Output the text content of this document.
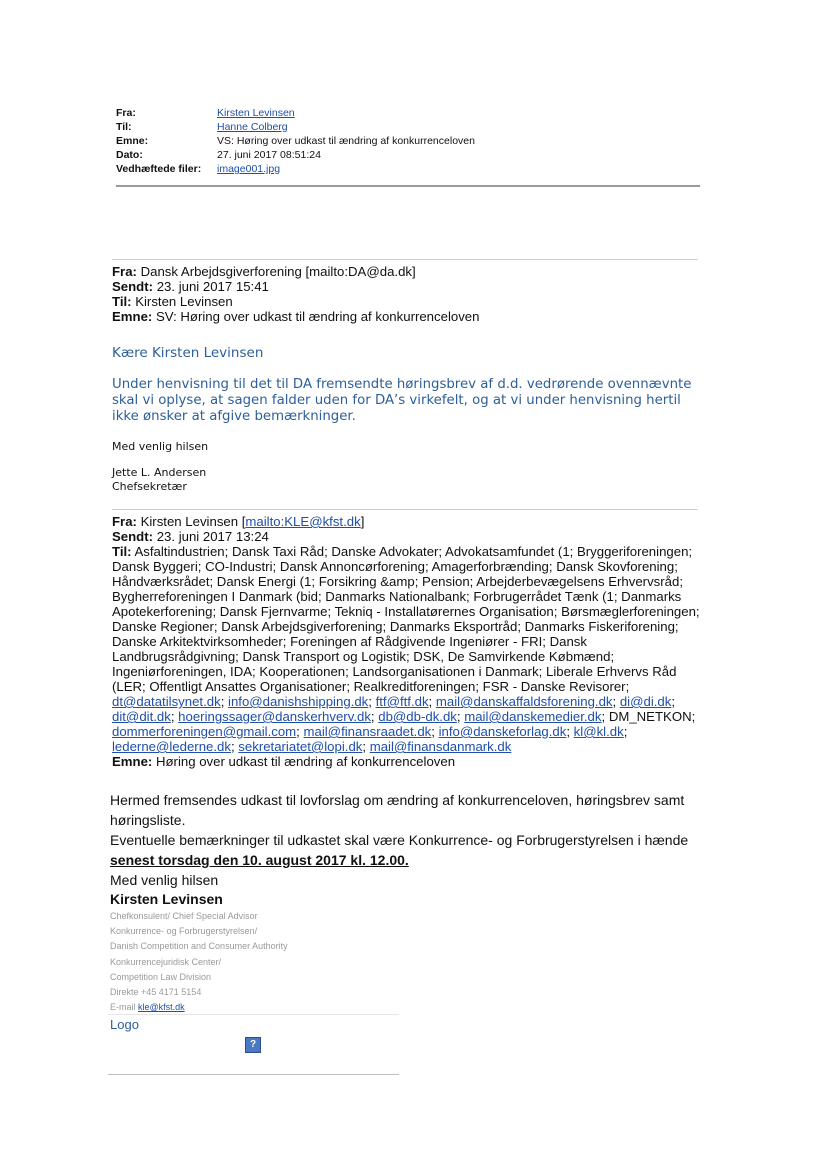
Fra:	Kirsten Levinsen
Til:	Hanne Colberg
Emne:	VS: Høring over udkast til ændring af konkurrenceloven
Dato:	27. juni 2017 08:51:24
Vedhæftede filer:	image001.jpg
Fra: Dansk Arbejdsgiverforening [mailto:DA@da.dk]
Sendt: 23. juni 2017 15:41
Til: Kirsten Levinsen
Emne: SV: Høring over udkast til ændring af konkurrenceloven
Kære Kirsten Levinsen
Under henvisning til det til DA fremsendte høringsbrev af d.d. vedrørende ovennævnte skal vi oplyse, at sagen falder uden for DA’s virkefelt, og at vi under henvisning hertil ikke ønsker at afgive bemærkninger.
Med venlig hilsen
Jette L. Andersen
Chefsekretær
Fra: Kirsten Levinsen [mailto:KLE@kfst.dk]
Sendt: 23. juni 2017 13:24
Til: Asfaltindustrien; Dansk Taxi Råd; Danske Advokater; Advokatsamfundet (1; Bryggeriforeningen; Dansk Byggeri; CO-Industri; Dansk Annoncørforening; Amagerforbrænding; Dansk Skovforening; Håndværksrådet; Dansk Energi (1; Forsikring &amp; Pension; Arbejderbevægelsens Erhvervsråd; Bygherreforeningen I Danmark (bid; Danmarks Nationalbank; Forbrugerrådet Tænk (1; Danmarks Apotekerforening; Dansk Fjernvarme; Tekniq - Installatørernes Organisation; Børsmæglerforeningen; Danske Regioner; Dansk Arbejdsgiverforening; Danmarks Eksportråd; Danmarks Fiskeriforening; Danske Arkitektvirksomheder; Foreningen af Rådgivende Ingeniører - FRI; Dansk Landbrugsrådgivning; Dansk Transport og Logistik; DSK, De Samvirkende Købmænd; Ingeniørforeningen, IDA; Kooperationen; Landsorganisationen i Danmark; Liberale Erhvervs Råd (LER; Offentligt Ansattes Organisationer; Realkreditforeningen; FSR - Danske Revisorer; dt@datatilsynet.dk; info@danishshipping.dk; ftf@ftf.dk; mail@danskaffaldsforening.dk; di@di.dk; dit@dit.dk; hoeringssager@danskerhverv.dk; db@db-dk.dk; mail@danskemedier.dk; DM_NETKON; dommerforeningen@gmail.com; mail@finansraadet.dk; info@danskeforlag.dk; kl@kl.dk; lederne@lederne.dk; sekretariatet@lopi.dk; mail@finansdanmark.dk
Emne: Høring over udkast til ændring af konkurrenceloven
Hermed fremsendes udkast til lovforslag om ændring af konkurrenceloven, høringsbrev samt høringsliste.
Eventuelle bemærkninger til udkastet skal være Konkurrence- og Forbrugerstyrelsen i hænde
senest torsdag den 10. august 2017 kl. 12.00.
Med venlig hilsen
Kirsten Levinsen
Chefkonsulent/ Chief Special Advisor
Konkurrence- og Forbrugerstyrelsen/
Danish Competition and Consumer Authority
Konkurrencejuridisk Center/
Competition Law Division
Direkte +45 4171 5154
E-mail kle@kfst.dk
Logo
?
